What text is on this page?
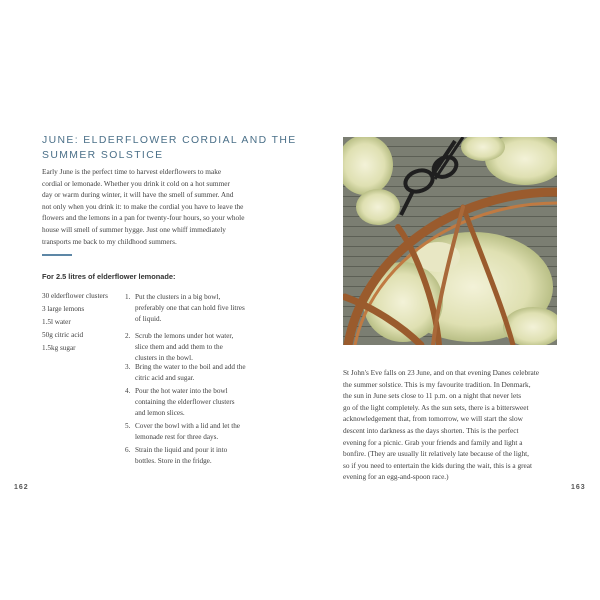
JUNE: ELDERFLOWER CORDIAL AND THE
SUMMER SOLSTICE
Early June is the perfect time to harvest elderflowers to make
cordial or lemonade. Whether you drink it cold on a hot summer
day or warm during winter, it will have the smell of summer. And
not only when you drink it: to make the cordial you have to leave the
flowers and the lemons in a pan for twenty-four hours, so your whole
house will smell of summer hygge. Just one whiff immediately
transports me back to my childhood summers.
For 2.5 litres of elderflower lemonade:
30 elderflower clusters
3 large lemons
1.5l water
50g citric acid
1.5kg sugar
1. Put the clusters in a big bowl,
preferably one that can hold five litres
of liquid.
2. Scrub the lemons under hot water,
slice them and add them to the
clusters in the bowl.
3. Bring the water to the boil and add the
citric acid and sugar.
4. Pour the hot water into the bowl
containing the elderflower clusters
and lemon slices.
5. Cover the bowl with a lid and let the
lemonade rest for three days.
6. Strain the liquid and pour it into
bottles. Store in the fridge.
162
St John's Eve falls on 23 June, and on that evening Danes celebrate
the summer solstice. This is my favourite tradition. In Denmark,
the sun in June sets close to 11 p.m. on a night that never lets
go of the light completely. As the sun sets, there is a bittersweet
acknowledgement that, from tomorrow, we will start the slow
descent into darkness as the days shorten. This is the perfect
evening for a picnic. Grab your friends and family and light a
bonfire. (They are usually lit relatively late because of the light,
so if you need to entertain the kids during the wait, this is a great
evening for an egg-and-spoon race.)
163
